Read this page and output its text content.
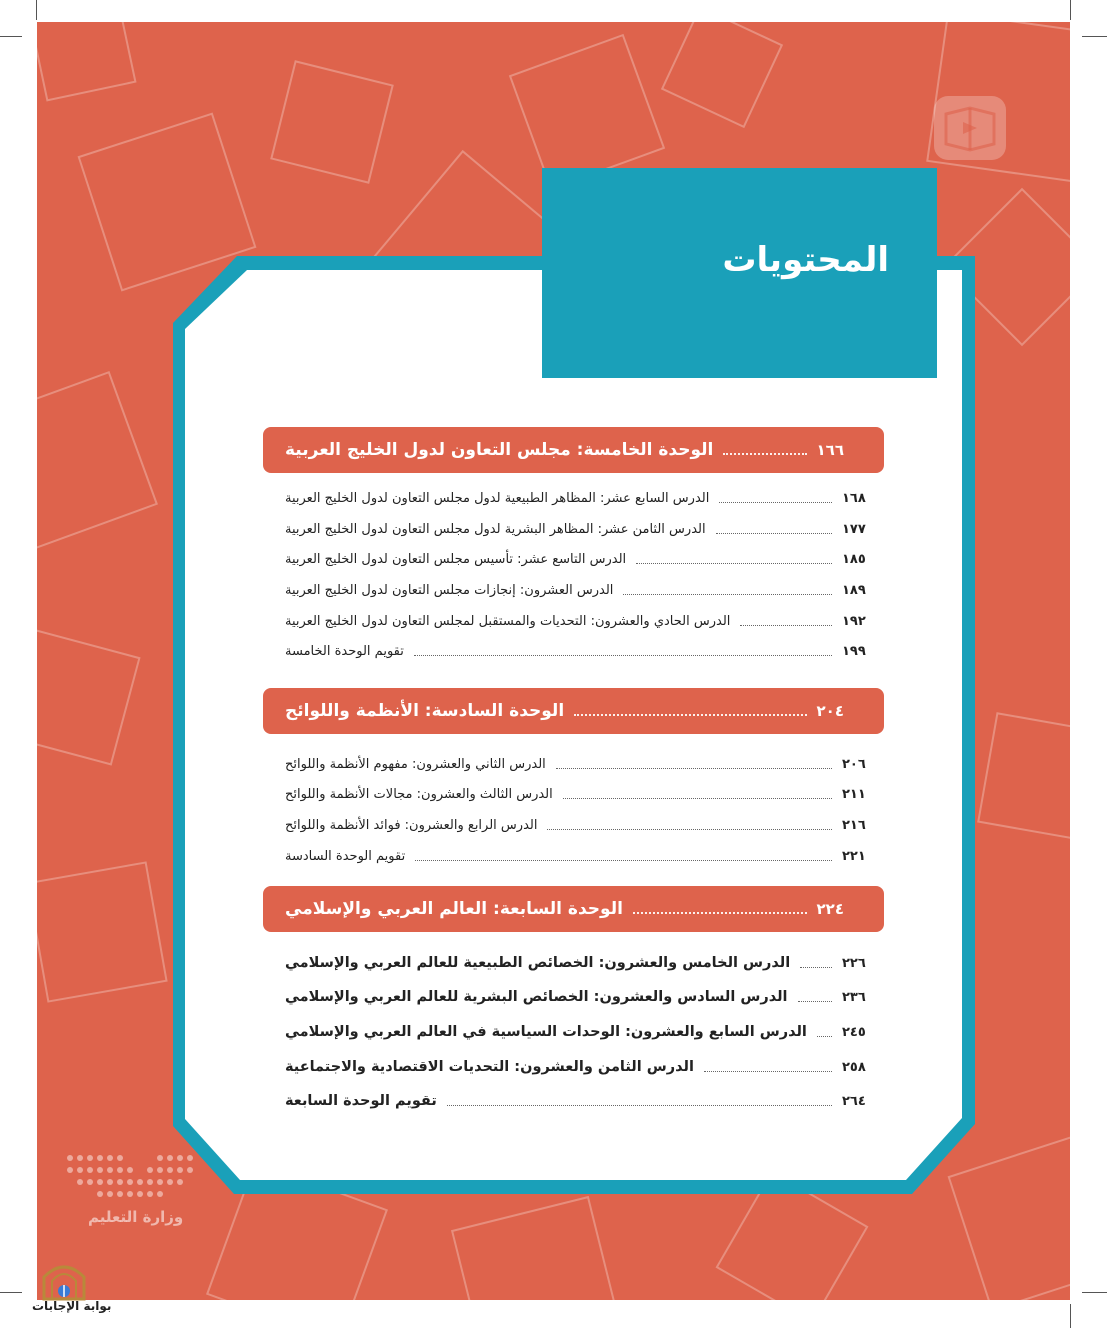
المحتويات
الوحدة الخامسة: مجلس التعاون لدول الخليج العربية	١٦٦
الدرس السابع عشر: المظاهر الطبيعية لدول مجلس التعاون لدول الخليج العربية	١٦٨
الدرس الثامن عشر: المظاهر البشرية لدول مجلس التعاون لدول الخليج العربية	١٧٧
الدرس التاسع عشر: تأسيس مجلس التعاون لدول الخليج العربية	١٨٥
الدرس العشرون: إنجازات مجلس التعاون لدول الخليج العربية	١٨٩
الدرس الحادي والعشرون: التحديات والمستقبل لمجلس التعاون لدول الخليج العربية	١٩٢
تقويم الوحدة الخامسة	١٩٩
الوحدة السادسة: الأنظمة واللوائح	٢٠٤
الدرس الثاني والعشرون: مفهوم الأنظمة واللوائح	٢٠٦
الدرس الثالث والعشرون: مجالات الأنظمة واللوائح	٢١١
الدرس الرابع والعشرون: فوائد الأنظمة واللوائح	٢١٦
تقويم الوحدة السادسة	٢٢١
الوحدة السابعة: العالم العربي والإسلامي	٢٢٤
الدرس الخامس والعشرون: الخصائص الطبيعية للعالم العربي والإسلامي	٢٢٦
الدرس السادس والعشرون: الخصائص البشرية للعالم العربي والإسلامي	٢٣٦
الدرس السابع والعشرون: الوحدات السياسية في العالم العربي والإسلامي	٢٤٥
الدرس الثامن والعشرون: التحديات الاقتصادية والاجتماعية	٢٥٨
تقويم الوحدة السابعة	٢٦٤
وزارة التعليم
بوابة الإجابات
